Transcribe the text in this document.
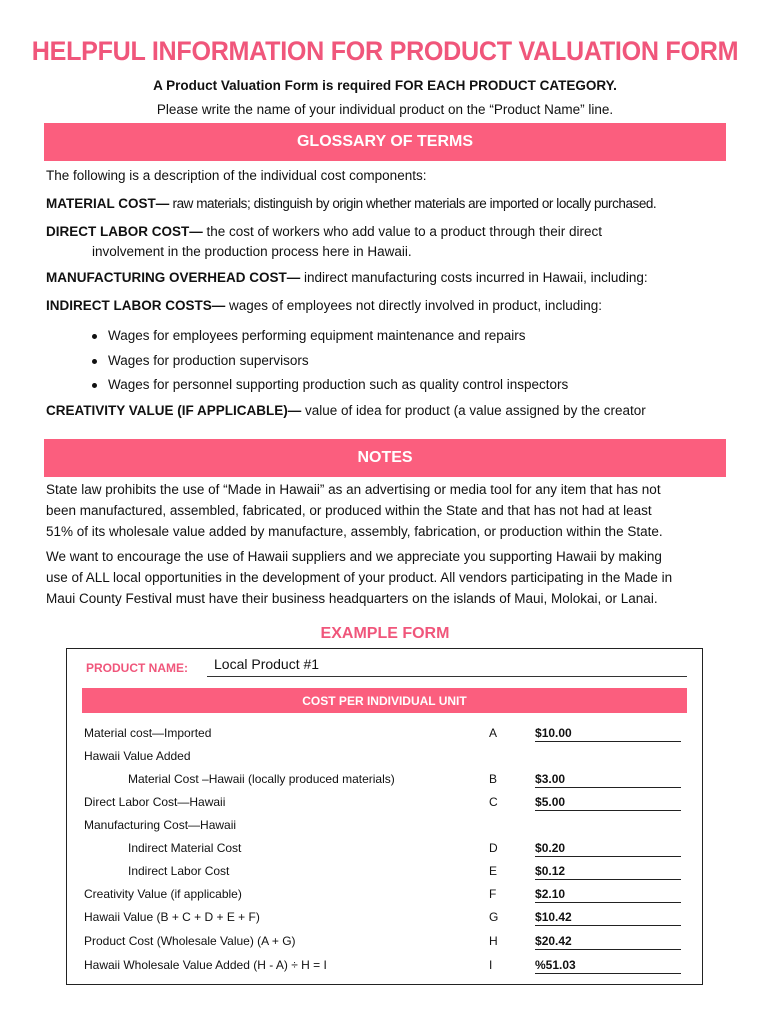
HELPFUL INFORMATION FOR PRODUCT VALUATION FORM
A Product Valuation Form is required FOR EACH PRODUCT CATEGORY.
Please write the name of your individual product on the “Product Name” line.
GLOSSARY OF TERMS
The following is a description of the individual cost components:
MATERIAL COST— raw materials; distinguish by origin whether materials are imported or locally purchased.
DIRECT LABOR COST— the cost of workers who add value to a product through their direct
involvement in the production process here in Hawaii.
MANUFACTURING OVERHEAD COST— indirect manufacturing costs incurred in Hawaii, including:
INDIRECT LABOR COSTS— wages of employees not directly involved in product, including:
Wages for employees performing equipment maintenance and repairs
Wages for production supervisors
Wages for personnel supporting production such as quality control inspectors
CREATIVITY VALUE (IF APPLICABLE)— value of idea for product (a value assigned by the creator
NOTES
State law prohibits the use of “Made in Hawaii” as an advertising or media tool for any item that has not
been manufactured, assembled, fabricated, or produced within the State and that has not had at least
51% of its wholesale value added by manufacture, assembly, fabrication, or production within the State.
We want to encourage the use of Hawaii suppliers and we appreciate you supporting Hawaii by making
use of ALL local opportunities in the development of your product. All vendors participating in the Made in
Maui County Festival must have their business headquarters on the islands of Maui, Molokai, or Lanai.
EXAMPLE FORM
PRODUCT NAME: Local Product #1
COST PER INDIVIDUAL UNIT
Material cost—Imported	A	$10.00
Hawaii Value Added
Material Cost –Hawaii (locally produced materials)	B	$3.00
Direct Labor Cost—Hawaii	C	$5.00
Manufacturing Cost—Hawaii
Indirect Material Cost	D	$0.20
Indirect Labor Cost	E	$0.12
Creativity Value (if applicable)	F	$2.10
Hawaii Value (B + C + D + E + F)	G	$10.42
Product Cost (Wholesale Value) (A + G)	H	$20.42
Hawaii Wholesale Value Added (H - A) ÷ H = I	I	%51.03
